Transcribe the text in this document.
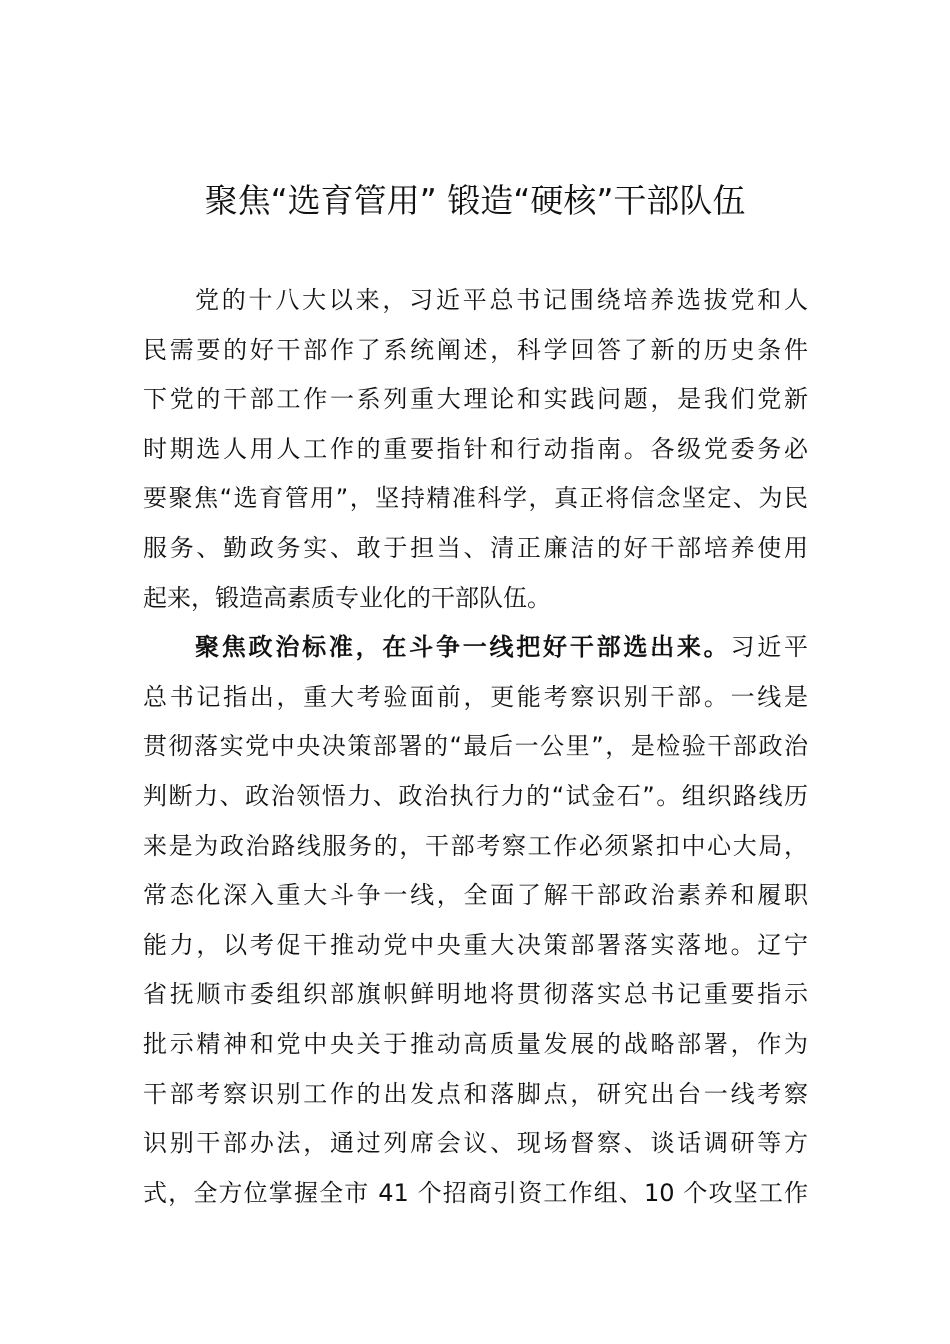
聚焦“选育管用” 锻造“硬核”干部队伍
党的十八大以来，习近平总书记围绕培养选拔党和人
民需要的好干部作了系统阐述，科学回答了新的历史条件
下党的干部工作一系列重大理论和实践问题，是我们党新
时期选人用人工作的重要指针和行动指南。各级党委务必
要聚焦“选育管用”，坚持精准科学，真正将信念坚定、为民
服务、勤政务实、敢于担当、清正廉洁的好干部培养使用
起来，锻造高素质专业化的干部队伍。
聚焦政治标准，在斗争一线把好干部选出来。习近平
总书记指出，重大考验面前，更能考察识别干部。一线是
贯彻落实党中央决策部署的“最后一公里”，是检验干部政治
判断力、政治领悟力、政治执行力的“试金石”。组织路线历
来是为政治路线服务的，干部考察工作必须紧扣中心大局，
常态化深入重大斗争一线，全面了解干部政治素养和履职
能力，以考促干推动党中央重大决策部署落实落地。辽宁
省抚顺市委组织部旗帜鲜明地将贯彻落实总书记重要指示
批示精神和党中央关于推动高质量发展的战略部署，作为
干部考察识别工作的出发点和落脚点，研究出台一线考察
识别干部办法，通过列席会议、现场督察、谈话调研等方
式，全方位掌握全市 41 个招商引资工作组、10 个攻坚工作
